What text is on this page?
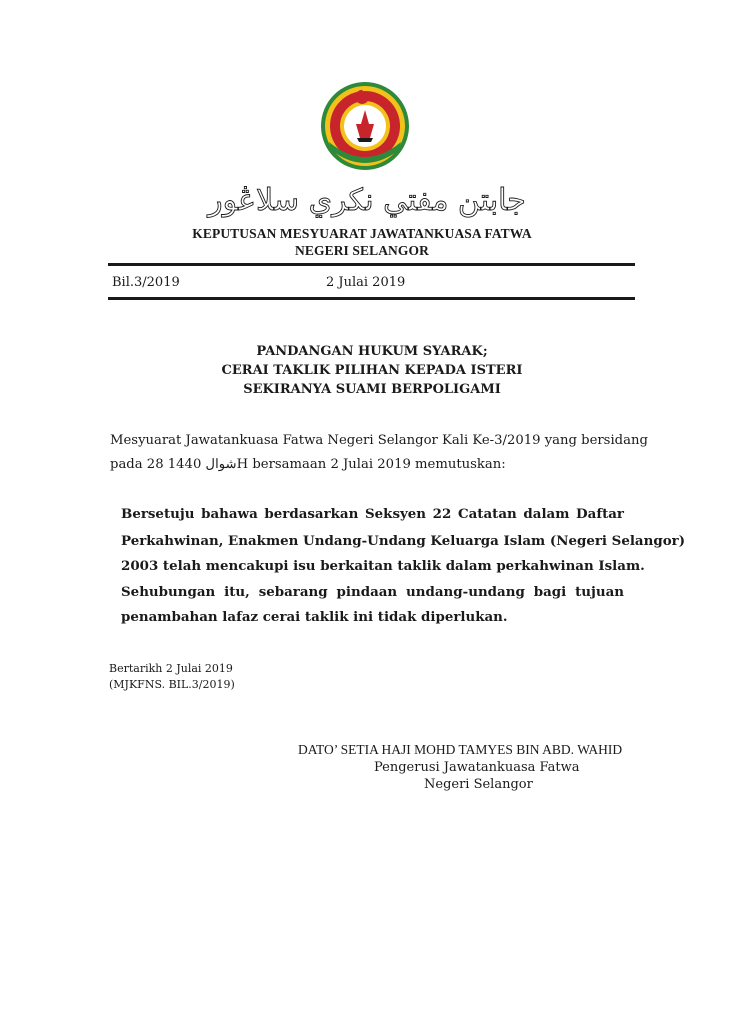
جابتن مفتي نكري سلاڠور
KEPUTUSAN MESYUARAT JAWATANKUASA FATWA
NEGERI SELANGOR
Bil.3/2019	2 Julai 2019
PANDANGAN HUKUM SYARAK;
CERAI TAKLIK PILIHAN KEPADA ISTERI
SEKIRANYA SUAMI BERPOLIGAMI
Mesyuarat Jawatankuasa Fatwa Negeri Selangor Kali Ke-3/2019 yang bersidang
pada 28 شوال 1440H bersamaan 2 Julai 2019 memutuskan:
Bersetuju bahawa berdasarkan Seksyen 22 Catatan dalam Daftar
Perkahwinan, Enakmen Undang-Undang Keluarga Islam (Negeri Selangor)
2003 telah mencakupi isu berkaitan taklik dalam perkahwinan Islam.
Sehubungan itu, sebarang pindaan undang-undang bagi tujuan
penambahan lafaz cerai taklik ini tidak diperlukan.
Bertarikh 2 Julai 2019
(MJKFNS. BIL.3/2019)
DATO’ SETIA HAJI MOHD TAMYES BIN ABD. WAHID
Pengerusi Jawatankuasa Fatwa
Negeri Selangor
